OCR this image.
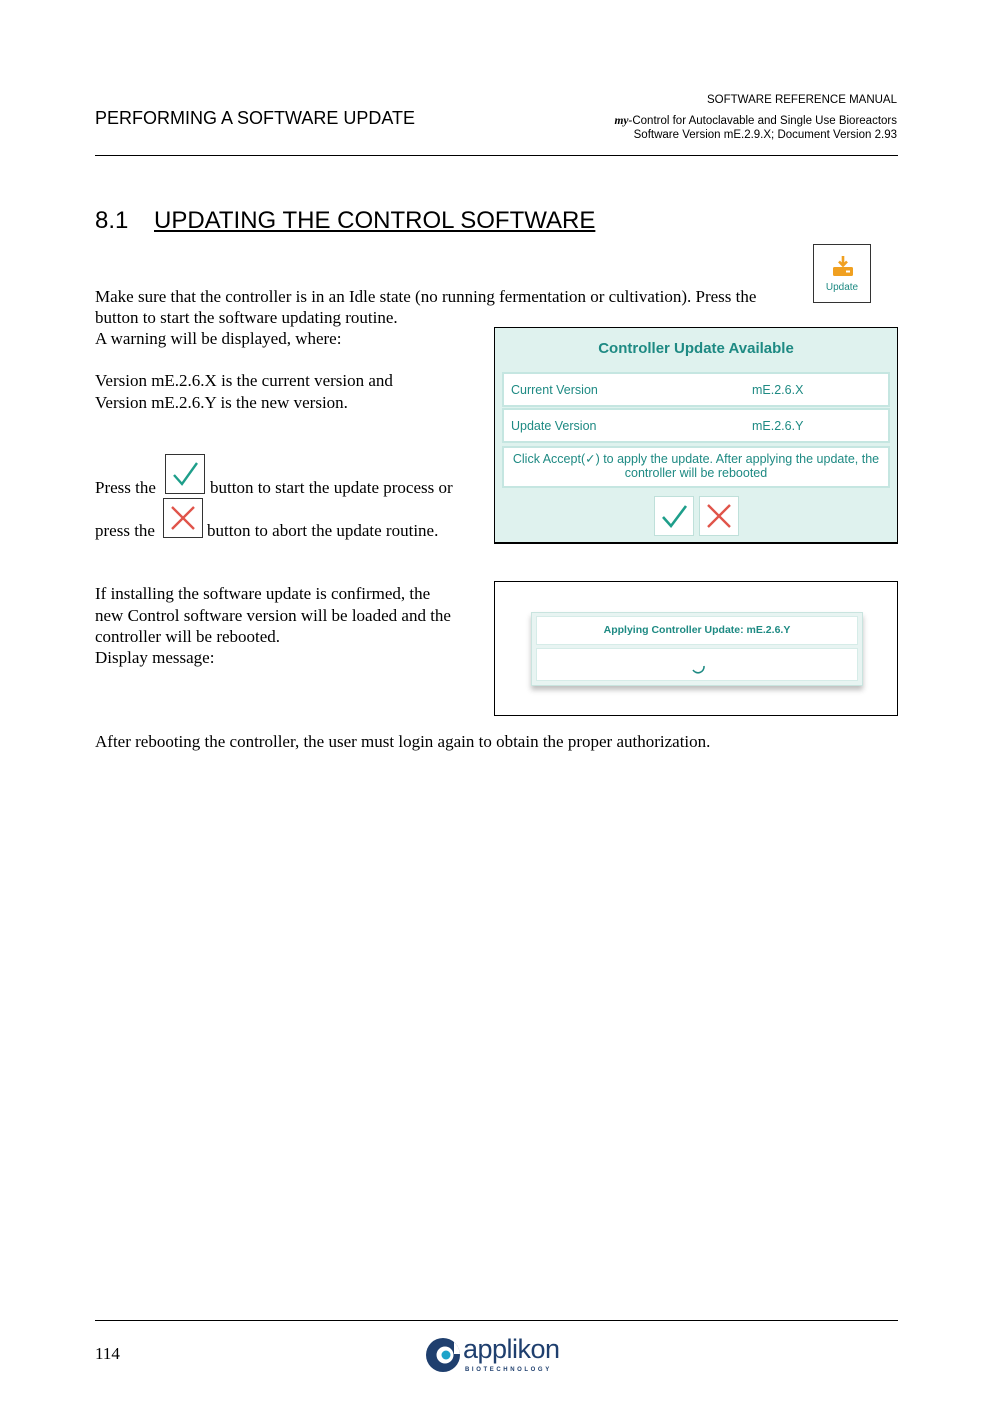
PERFORMING A SOFTWARE UPDATE
SOFTWARE REFERENCE MANUAL
my-Control for Autoclavable and Single Use Bioreactors
Software Version mE.2.9.X; Document Version 2.93
8.1 UPDATING THE CONTROL SOFTWARE
Update
Make sure that the controller is in an Idle state (no running fermentation or cultivation). Press the
button to start the software updating routine.
A warning will be displayed, where:
Version mE.2.6.X is the current version and
Version mE.2.6.Y is the new version.
Press the	button to start the update process or
press the	button to abort the update routine.
Controller Update Available
Current Version	mE.2.6.X
Update Version	mE.2.6.Y
Click Accept(✓) to apply the update. After applying the update, the
controller will be rebooted
If installing the software update is confirmed, the
new Control software version will be loaded and the
controller will be rebooted.
Display message:
Applying Controller Update: mE.2.6.Y
After rebooting the controller, the user must login again to obtain the proper authorization.
114	applikon
BIOTECHNOLOGY
